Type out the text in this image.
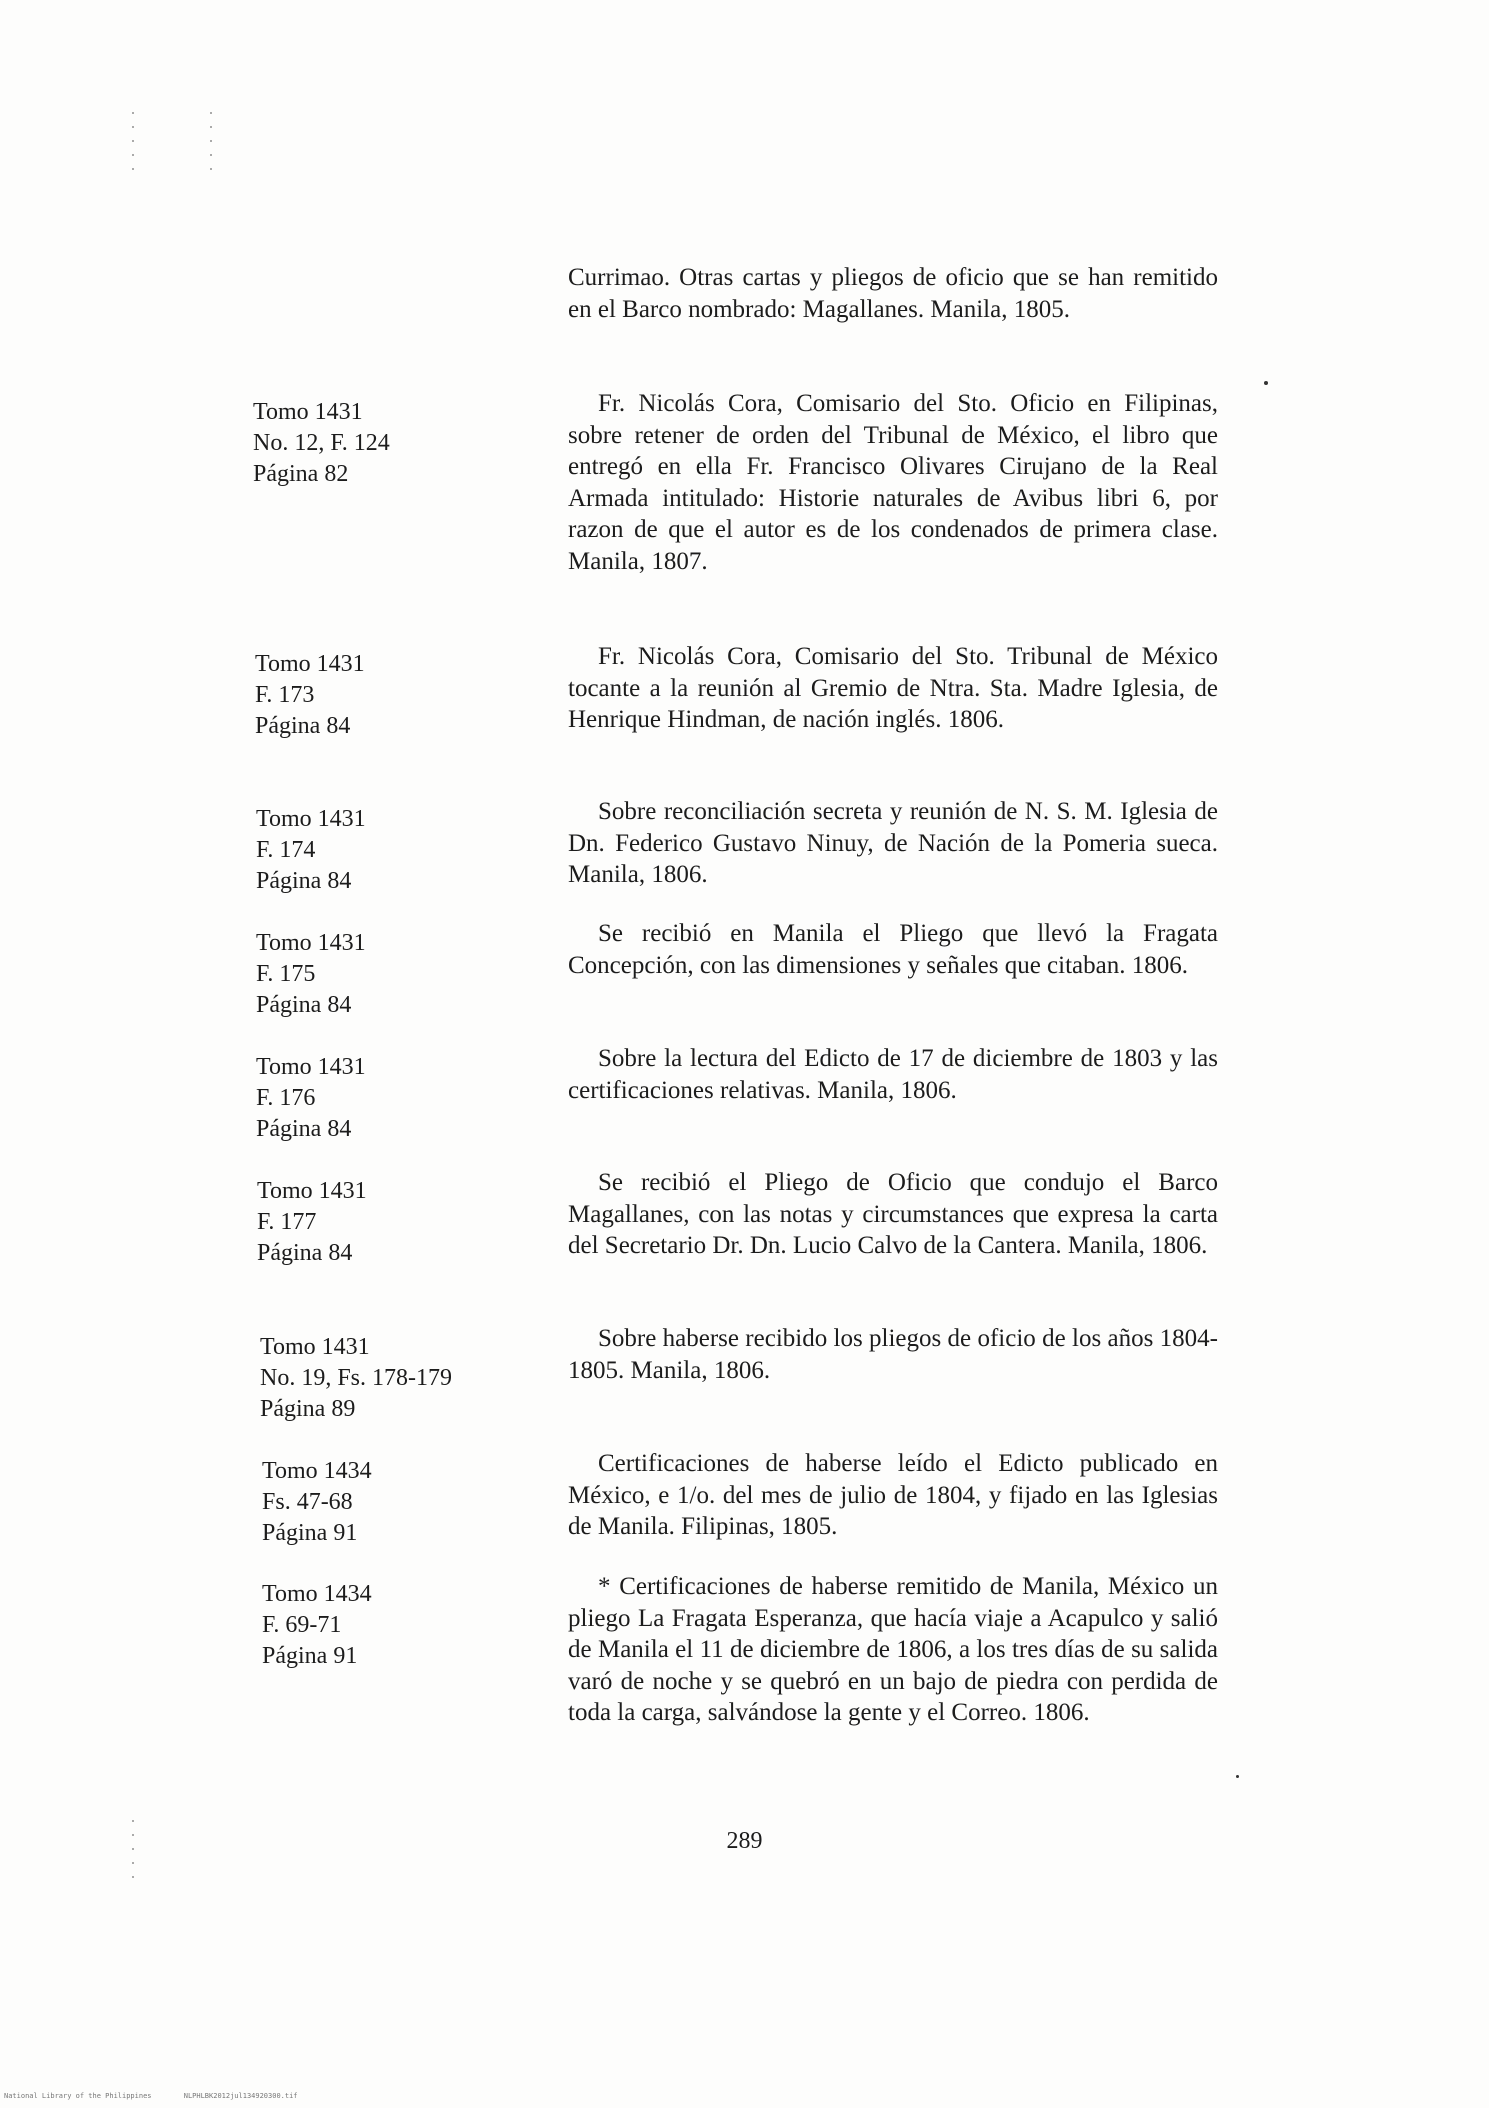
Currimao. Otras cartas y pliegos de oficio que se han remitido en el Barco nombrado: Magallanes. Manila, 1805.

Tomo 1431
No. 12, F. 124
Página 82

Fr. Nicolás Cora, Comisario del Sto. Oficio en Filipinas, sobre retener de orden del Tribunal de México, el libro que entregó en ella Fr. Francisco Olivares Cirujano de la Real Armada intitulado: Historie naturales de Avibus libri 6, por razon de que el autor es de los condenados de primera clase. Manila, 1807.

Tomo 1431
F. 173
Página 84

Fr. Nicolás Cora, Comisario del Sto. Tribunal de México tocante a la reunión al Gremio de Ntra. Sta. Madre Iglesia, de Henrique Hindman, de nación inglés. 1806.

Tomo 1431
F. 174
Página 84

Sobre reconciliación secreta y reunión de N. S. M. Iglesia de Dn. Federico Gustavo Ninuy, de Nación de la Pomeria sueca. Manila, 1806.

Tomo 1431
F. 175
Página 84

Se recibió en Manila el Pliego que llevó la Fragata Concepción, con las dimensiones y señales que citaban. 1806.

Tomo 1431
F. 176
Página 84

Sobre la lectura del Edicto de 17 de diciembre de 1803 y las certificaciones relativas. Manila, 1806.

Tomo 1431
F. 177
Página 84

Se recibió el Pliego de Oficio que condujo el Barco Magallanes, con las notas y circumstances que expresa la carta del Secretario Dr. Dn. Lucio Calvo de la Cantera. Manila, 1806.

Tomo 1431
No. 19, Fs. 178-179
Página 89

Sobre haberse recibido los pliegos de oficio de los años 1804-1805. Manila, 1806.

Tomo 1434
Fs. 47-68
Página 91

Certificaciones de haberse leído el Edicto publicado en México, e 1/o. del mes de julio de 1804, y fijado en las Iglesias de Manila. Filipinas, 1805.

Tomo 1434
F. 69-71
Página 91

* Certificaciones de haberse remitido de Manila, México un pliego La Fragata Esperanza, que hacía viaje a Acapulco y salió de Manila el 11 de diciembre de 1806, a los tres días de su salida varó de noche y se quebró en un bajo de piedra con perdida de toda la carga, salvándose la gente y el Correo. 1806.

289

National Library of the Philippines	NLPHLBK2012jul134920300.tif
